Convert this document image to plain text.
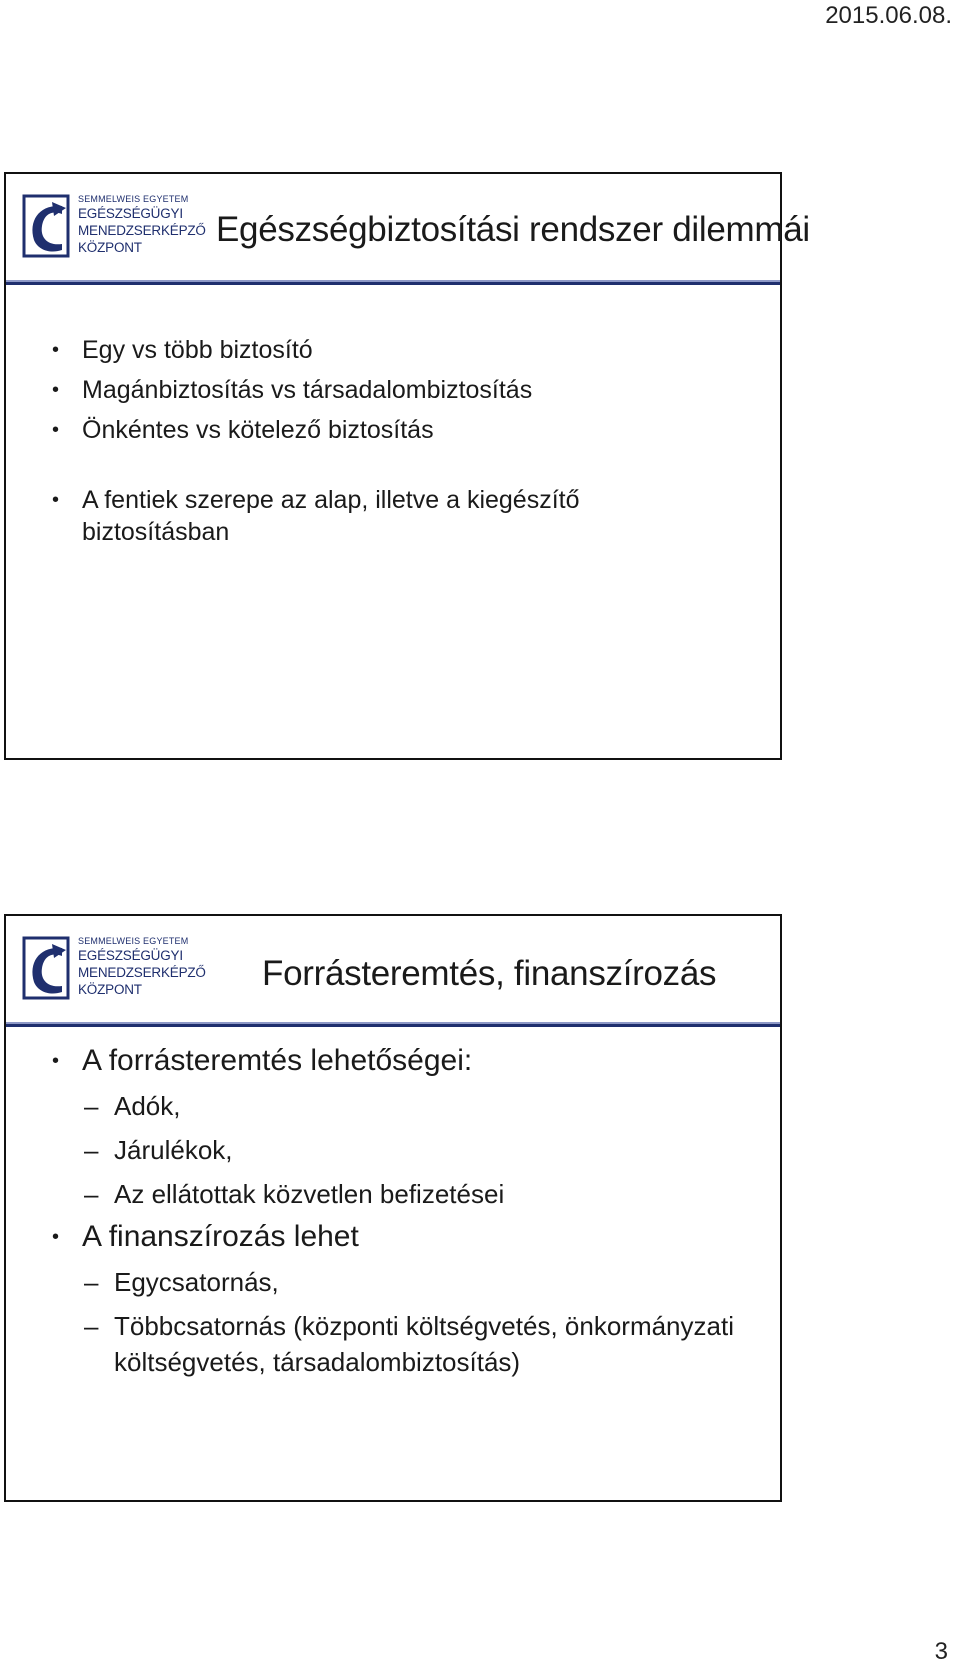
2015.06.08.
SEMMELWEIS EGYETEM
EGÉSZSÉGÜGYI
MENEDZSERKÉPZŐ
KÖZPONT	Egészségbiztosítási rendszer dilemmái
• Egy vs több biztosító
• Magánbiztosítás vs társadalombiztosítás
• Önkéntes vs kötelező biztosítás
• A fentiek szerepe az alap, illetve a kiegészítő biztosításban
SEMMELWEIS EGYETEM
EGÉSZSÉGÜGYI
MENEDZSERKÉPZŐ
KÖZPONT	Forrásteremtés, finanszírozás
• A forrásteremtés lehetőségei:
– Adók,
– Járulékok,
– Az ellátottak közvetlen befizetései
• A finanszírozás lehet
– Egycsatornás,
– Többcsatornás (központi költségvetés, önkormányzati költségvetés, társadalombiztosítás)
3
